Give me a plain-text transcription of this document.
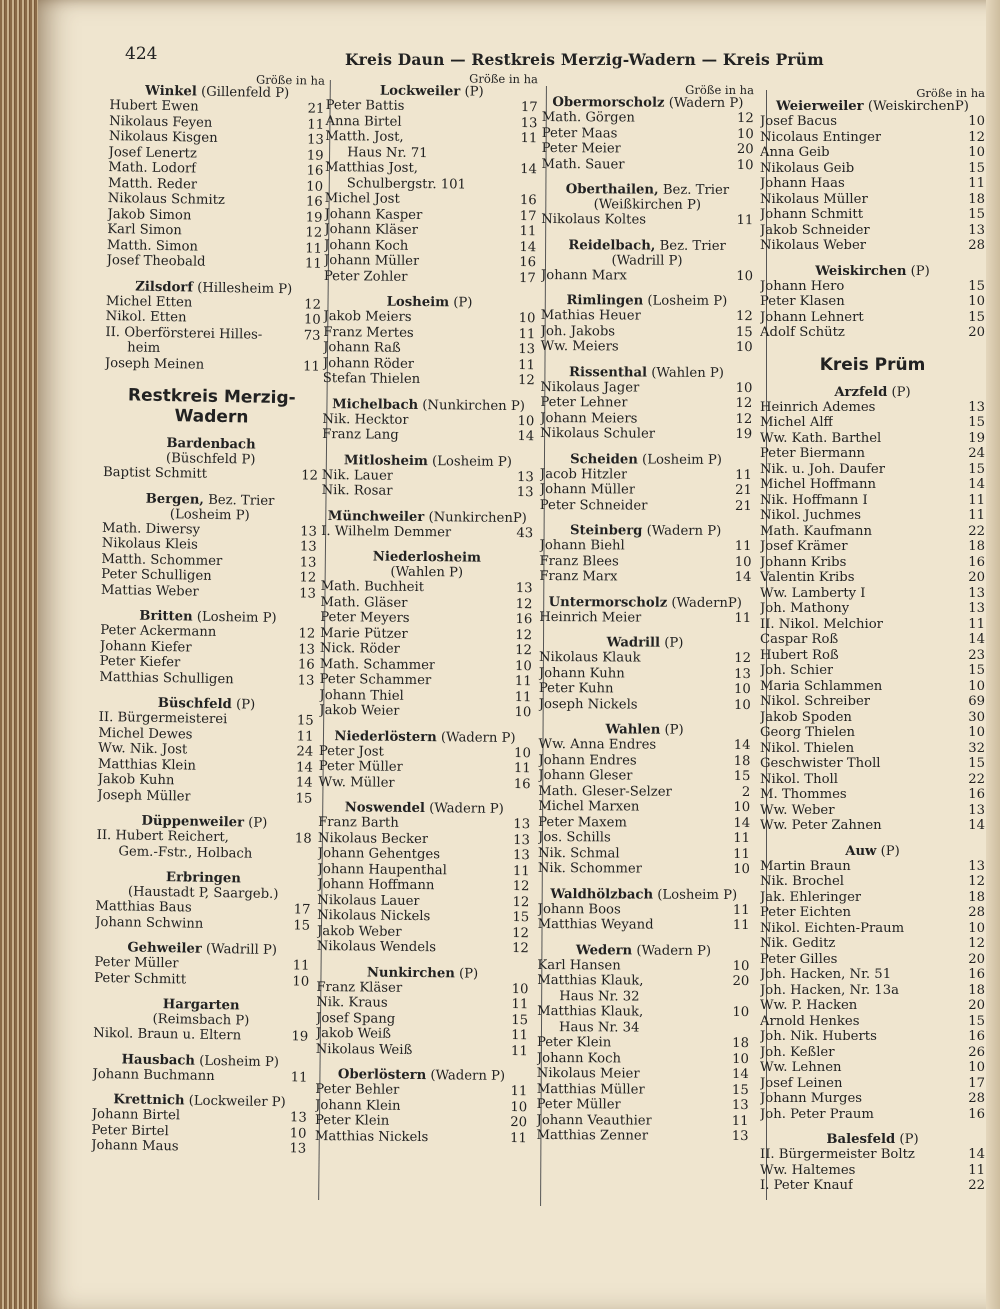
424	Kreis Daun — Restkreis Merzig-Wadern — Kreis Prüm
Größe in ha
Winkel (Gillenfeld P)
Hubert Ewen	21
Nikolaus Feyen	11
Nikolaus Kisgen	13
Josef Lenertz	19
Math. Lodorf	16
Matth. Reder	10
Nikolaus Schmitz	16
Jakob Simon	19
Karl Simon	12
Matth. Simon	11
Josef Theobald	11
Zilsdorf (Hillesheim P)
Michel Etten	12
Nikol. Etten	10
II. Oberförsterei Hilles-	73
heim
Joseph Meinen	11
Restkreis Merzig-Wadern
Bardenbach
(Büschfeld P)
Baptist Schmitt	12
Bergen, Bez. Trier
(Losheim P)
Math. Diwersy	13
Nikolaus Kleis	13
Matth. Schommer	13
Peter Schulligen	12
Mattias Weber	13
Britten (Losheim P)
Peter Ackermann	12
Johann Kiefer	13
Peter Kiefer	16
Matthias Schulligen	13
Büschfeld (P)
II. Bürgermeisterei	15
Michel Dewes	11
Ww. Nik. Jost	24
Matthias Klein	14
Jakob Kuhn	14
Joseph Müller	15
Düppenweiler (P)
II. Hubert Reichert,	18
Gem.-Fstr., Holbach
Erbringen
(Haustadt P, Saargeb.)
Matthias Baus	17
Johann Schwinn	15
Gehweiler (Wadrill P)
Peter Müller	11
Peter Schmitt	10
Hargarten
(Reimsbach P)
Nikol. Braun u. Eltern	19
Hausbach (Losheim P)
Johann Buchmann	11
Krettnich (Lockweiler P)
Johann Birtel	13
Peter Birtel	10
Johann Maus	13
Größe in ha
Lockweiler (P)
Peter Battis	17
Anna Birtel	13
Matth. Jost,	11
Haus Nr. 71
Matthias Jost,	14
Schulbergstr. 101
Michel Jost	16
Johann Kasper	17
Johann Kläser	11
Johann Koch	14
Johann Müller	16
Peter Zohler	17
Losheim (P)
Jakob Meiers	10
Franz Mertes	11
Johann Raß	13
Johann Röder	11
Stefan Thielen	12
Michelbach (Nunkirchen P)
Nik. Hecktor	10
Franz Lang	14
Mitlosheim (Losheim P)
Nik. Lauer	13
Nik. Rosar	13
Münchweiler (NunkirchenP)
I. Wilhelm Demmer	43
Niederlosheim
(Wahlen P)
Math. Buchheit	13
Math. Gläser	12
Peter Meyers	16
Marie Pützer	12
Nick. Röder	12
Math. Schammer	10
Peter Schammer	11
Johann Thiel	11
Jakob Weier	10
Niederlöstern (Wadern P)
Peter Jost	10
Peter Müller	11
Ww. Müller	16
Noswendel (Wadern P)
Franz Barth	13
Nikolaus Becker	13
Johann Gehentges	13
Johann Haupenthal	11
Johann Hoffmann	12
Nikolaus Lauer	12
Nikolaus Nickels	15
Jakob Weber	12
Nikolaus Wendels	12
Nunkirchen (P)
Franz Kläser	10
Nik. Kraus	11
Josef Spang	15
Jakob Weiß	11
Nikolaus Weiß	11
Oberlöstern (Wadern P)
Peter Behler	11
Johann Klein	10
Peter Klein	20
Matthias Nickels	11
Größe in ha
Obermorscholz (Wadern P)
Math. Görgen	12
Peter Maas	10
Peter Meier	20
Math. Sauer	10
Oberthailen, Bez. Trier
(Weißkirchen P)
Nikolaus Koltes	11
Reidelbach, Bez. Trier
(Wadrill P)
Johann Marx	10
Rimlingen (Losheim P)
Mathias Heuer	12
Joh. Jakobs	15
Ww. Meiers	10
Rissenthal (Wahlen P)
Nikolaus Jager	10
Peter Lehner	12
Johann Meiers	12
Nikolaus Schuler	19
Scheiden (Losheim P)
Jacob Hitzler	11
Johann Müller	21
Peter Schneider	21
Steinberg (Wadern P)
Johann Biehl	11
Franz Blees	10
Franz Marx	14
Untermorscholz (WadernP)
Heinrich Meier	11
Wadrill (P)
Nikolaus Klauk	12
Johann Kuhn	13
Peter Kuhn	10
Joseph Nickels	10
Wahlen (P)
Ww. Anna Endres	14
Johann Endres	18
Johann Gleser	15
Math. Gleser-Selzer	2
Michel Marxen	10
Peter Maxem	14
Jos. Schills	11
Nik. Schmal	11
Nik. Schommer	10
Waldhölzbach (Losheim P)
Johann Boos	11
Matthias Weyand	11
Wedern (Wadern P)
Karl Hansen	10
Matthias Klauk,	20
Haus Nr. 32
Matthias Klauk,	10
Haus Nr. 34
Peter Klein	18
Johann Koch	10
Nikolaus Meier	14
Matthias Müller	15
Peter Müller	13
Johann Veauthier	11
Matthias Zenner	13
Größe in ha
Weierweiler (WeiskirchenP)
Josef Bacus	10
Nicolaus Entinger	12
Anna Geib	10
Nikolaus Geib	15
Johann Haas	11
Nikolaus Müller	18
Johann Schmitt	15
Jakob Schneider	13
Nikolaus Weber	28
Weiskirchen (P)
Johann Hero	15
Peter Klasen	10
Johann Lehnert	15
Adolf Schütz	20
Kreis Prüm
Arzfeld (P)
Heinrich Ademes	13
Michel Alff	15
Ww. Kath. Barthel	19
Peter Biermann	24
Nik. u. Joh. Daufer	15
Michel Hoffmann	14
Nik. Hoffmann I	11
Nikol. Juchmes	11
Math. Kaufmann	22
Josef Krämer	18
Johann Kribs	16
Valentin Kribs	20
Ww. Lamberty I	13
Joh. Mathony	13
II. Nikol. Melchior	11
Caspar Roß	14
Hubert Roß	23
Joh. Schier	15
Maria Schlammen	10
Nikol. Schreiber	69
Jakob Spoden	30
Georg Thielen	10
Nikol. Thielen	32
Geschwister Tholl	15
Nikol. Tholl	22
M. Thommes	16
Ww. Weber	13
Ww. Peter Zahnen	14
Auw (P)
Martin Braun	13
Nik. Brochel	12
Jak. Ehleringer	18
Peter Eichten	28
Nikol. Eichten-Praum	10
Nik. Geditz	12
Peter Gilles	20
Joh. Hacken, Nr. 51	16
Joh. Hacken, Nr. 13a	18
Ww. P. Hacken	20
Arnold Henkes	15
Joh. Nik. Huberts	16
Joh. Keßler	26
Ww. Lehnen	10
Josef Leinen	17
Johann Murges	28
Joh. Peter Praum	16
Balesfeld (P)
II. Bürgermeister Boltz	14
Ww. Haltemes	11
I. Peter Knauf	22
